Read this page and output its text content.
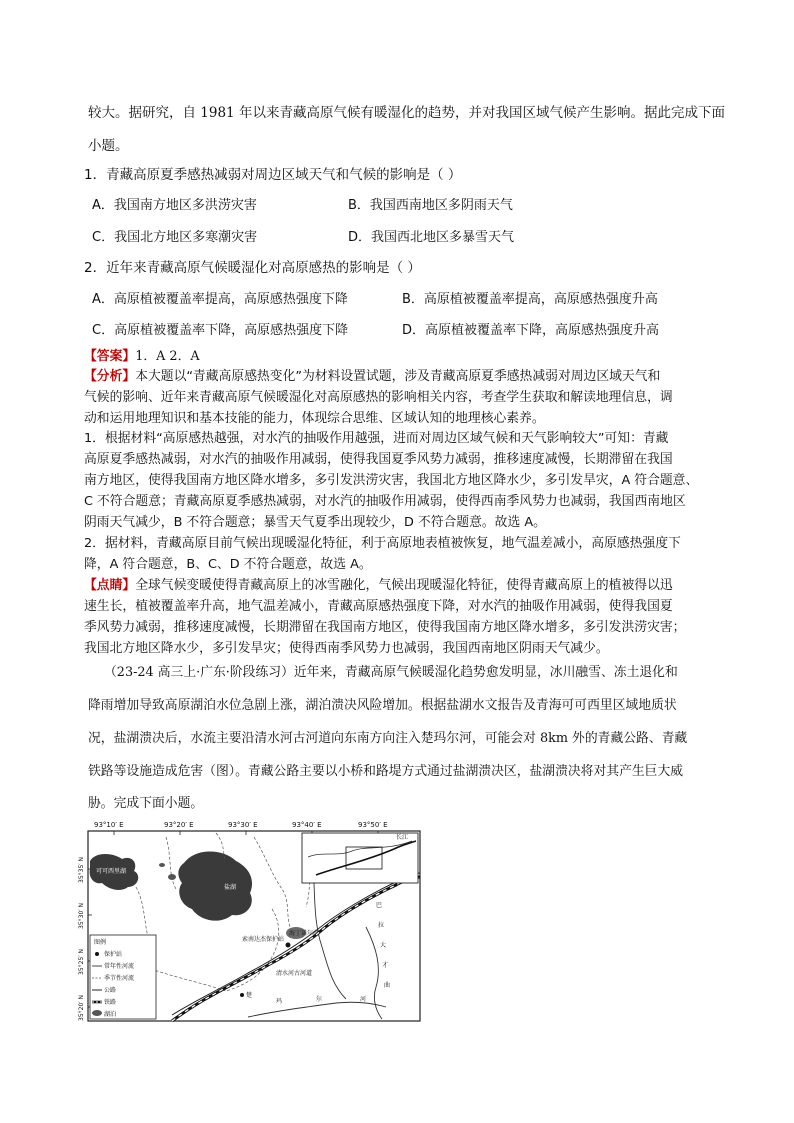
较大。据研究，自 1981 年以来青藏高原气候有暖湿化的趋势，并对我国区域气候产生影响。据此完成下面
小题。
1．青藏高原夏季感热减弱对周边区域天气和气候的影响是（ ）
A．我国南方地区多洪涝灾害	B．我国西南地区多阴雨天气
C．我国北方地区多寒潮灾害	D．我国西北地区多暴雪天气
2．近年来青藏高原气候暖湿化对高原感热的影响是（ ）
A．高原植被覆盖率提高，高原感热强度下降	B．高原植被覆盖率提高，高原感热强度升高
C．高原植被覆盖率下降，高原感热强度下降	D．高原植被覆盖率下降，高原感热强度升高
【答案】1．A 2．A
【分析】本大题以“青藏高原感热变化”为材料设置试题，涉及青藏高原夏季感热减弱对周边区域天气和
气候的影响、近年来青藏高原气候暖湿化对高原感热的影响相关内容，考查学生获取和解读地理信息，调
动和运用地理知识和基本技能的能力，体现综合思维、区域认知的地理核心素养。
1．根据材料“高原感热越强，对水汽的抽吸作用越强，进而对周边区域气候和天气影响较大”可知：青藏
高原夏季感热减弱，对水汽的抽吸作用减弱，使得我国夏季风势力减弱，推移速度减慢，长期滞留在我国
南方地区，使得我国南方地区降水增多，多引发洪涝灾害，我国北方地区降水少，多引发旱灾，A 符合题意、
C 不符合题意；青藏高原夏季感热减弱，对水汽的抽吸作用减弱，使得西南季风势力也减弱，我国西南地区
阴雨天气减少，B 不符合题意；暴雪天气夏季出现较少，D 不符合题意。故选 A。
2．据材料，青藏高原目前气候出现暖湿化特征，利于高原地表植被恢复，地气温差减小，高原感热强度下
降，A 符合题意，B、C、D 不符合题意，故选 A。
【点睛】全球气候变暖使得青藏高原上的冰雪融化，气候出现暖湿化特征，使得青藏高原上的植被得以迅
速生长，植被覆盖率升高，地气温差减小，青藏高原感热强度下降，对水汽的抽吸作用减弱，使得我国夏
季风势力减弱，推移速度减慢，长期滞留在我国南方地区，使得我国南方地区降水增多，多引发洪涝灾害；
我国北方地区降水少，多引发旱灾；使得西南季风势力也减弱，我国西南地区阴雨天气减少。
（23-24 高三上·广东·阶段练习）近年来，青藏高原气候暖湿化趋势愈发明显，冰川融雪、冻土退化和
降雨增加导致高原湖泊水位急剧上涨，湖泊溃决风险增加。根据盐湖水文报告及青海可可西里区域地质状
况，盐湖溃决后，水流主要沿清水河古河道向东南方向注入楚玛尔河，可能会对 8km 外的青藏公路、青藏
铁路等设施造成危害（图）。青藏公路主要以小桥和路堤方式通过盐湖溃决区，盐湖溃决将对其产生巨大威
胁。完成下面小题。
93°10′ E	93°20′ E	93°30′ E	93°40′ E	93°50′ E
35°35′ N
35°30′ N
35°25′ N
35°20′ N
可可西里湖
盐湖
海丁诺尔湖
索南达杰保护站
楚
清水河古河道
巴
拉
大
才
曲
玛	尔	河
长江
图例
保护站
常年性河流
季节性河流
公路
铁路
湖泊
